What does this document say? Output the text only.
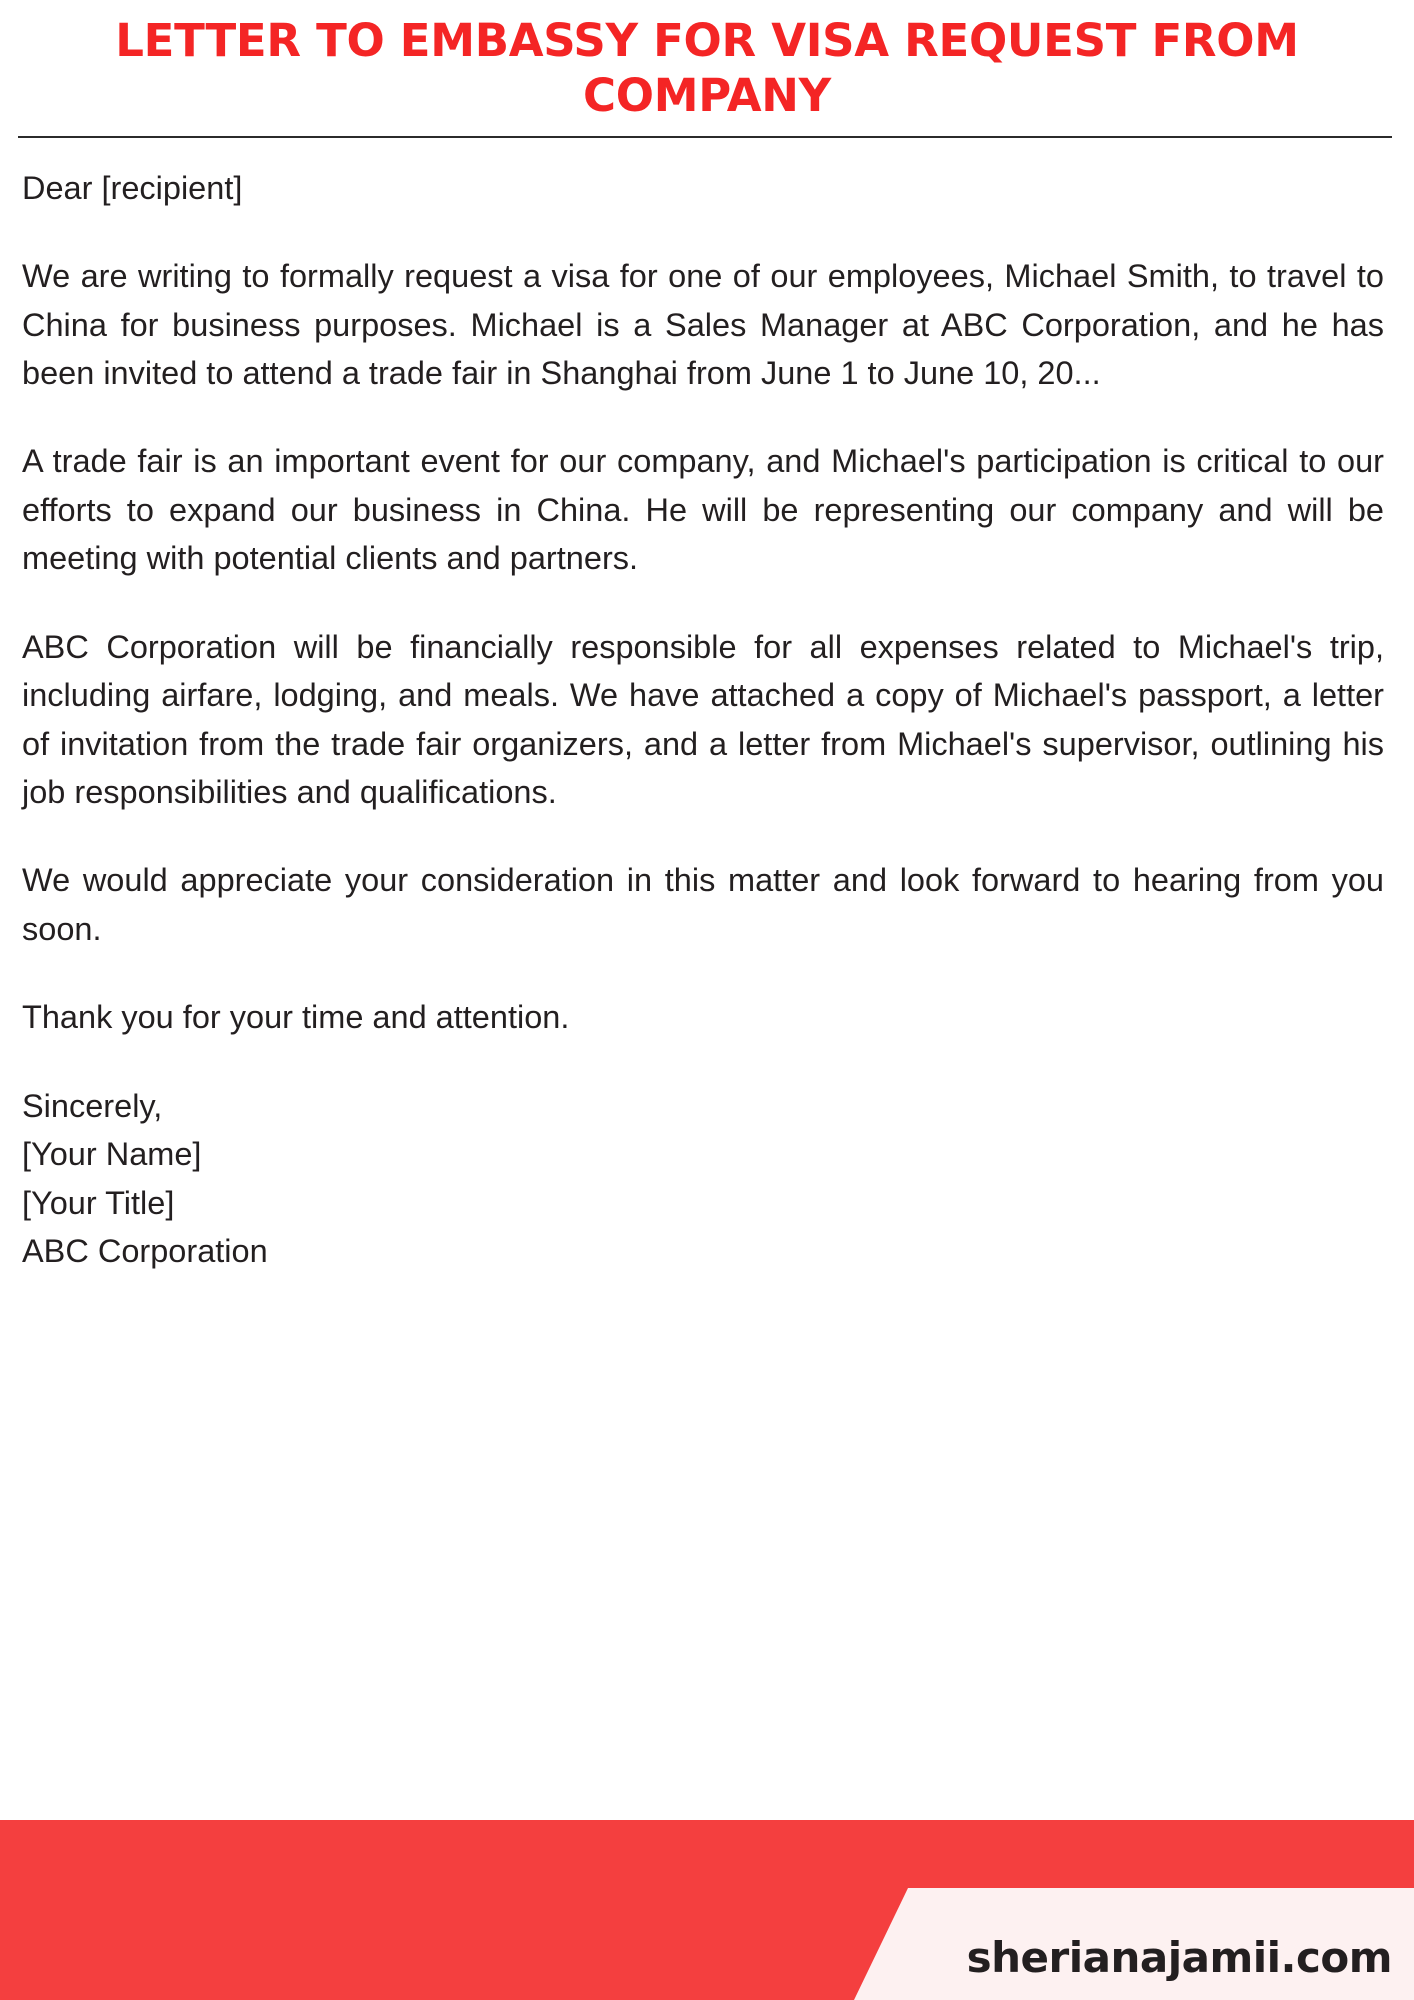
LETTER TO EMBASSY FOR VISA REQUEST FROM COMPANY

Dear [recipient]

We are writing to formally request a visa for one of our employees, Michael Smith, to travel to China for business purposes. Michael is a Sales Manager at ABC Corporation, and he has been invited to attend a trade fair in Shanghai from June 1 to June 10, 20...

A trade fair is an important event for our company, and Michael's participation is critical to our efforts to expand our business in China. He will be representing our company and will be meeting with potential clients and partners.

ABC Corporation will be financially responsible for all expenses related to Michael's trip, including airfare, lodging, and meals. We have attached a copy of Michael's passport, a letter of invitation from the trade fair organizers, and a letter from Michael's supervisor, outlining his job responsibilities and qualifications.

We would appreciate your consideration in this matter and look forward to hearing from you soon.

Thank you for your time and attention.

Sincerely,
[Your Name]
[Your Title]
ABC Corporation
sherianajamii.com
